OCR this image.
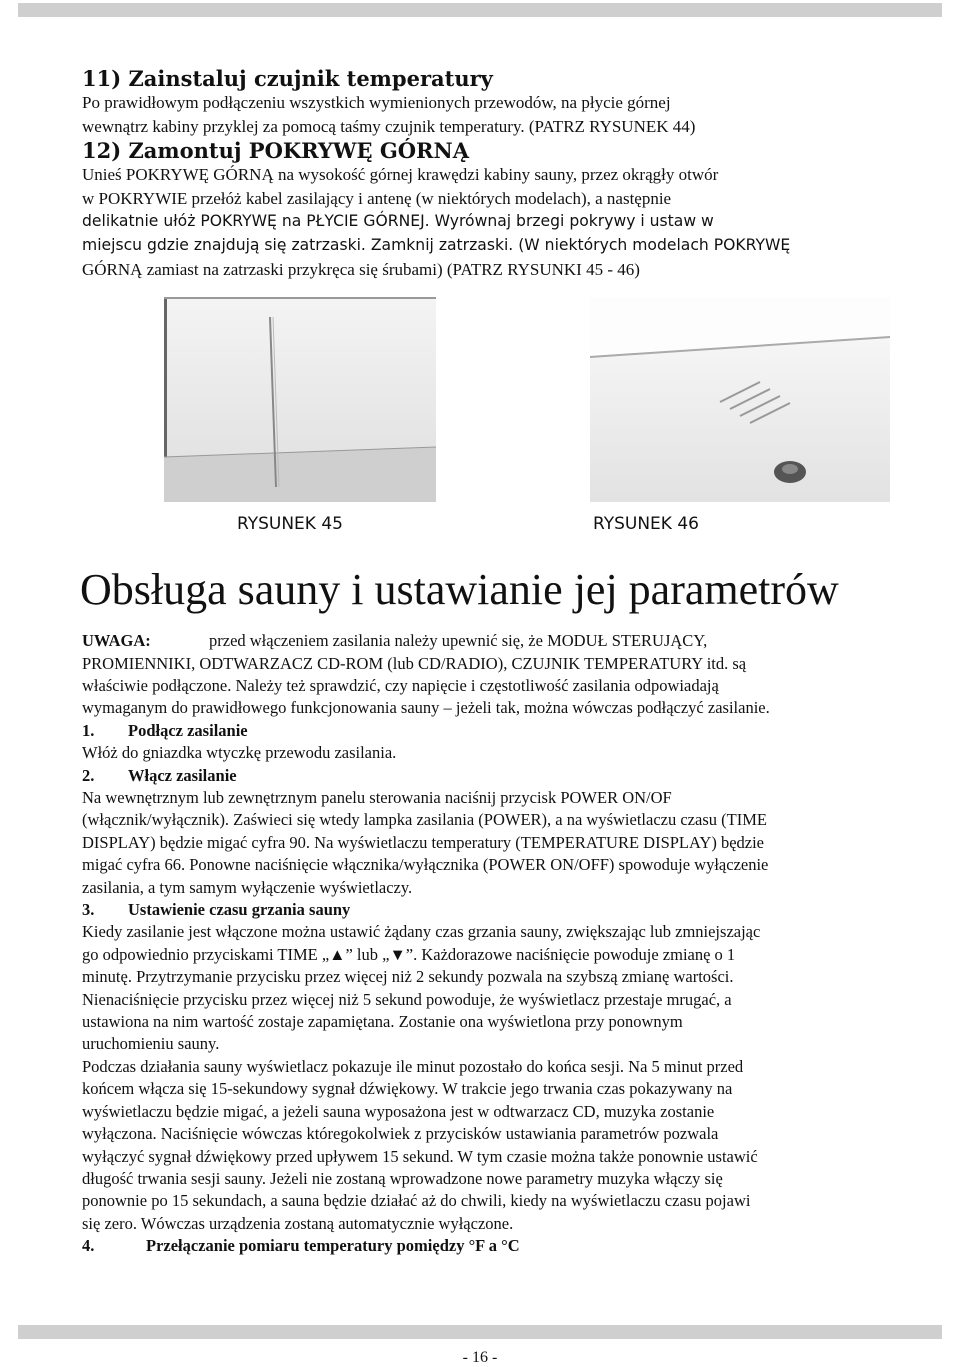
11) Zainstaluj czujnik temperatury

Po prawidłowym podłączeniu wszystkich wymienionych przewodów, na płycie górnej

wewnątrz kabiny przyklej za pomocą taśmy czujnik temperatury. (PATRZ RYSUNEK 44)

12) Zamontuj POKRYWĘ GÓRNĄ

Unieś POKRYWĘ GÓRNĄ na wysokość górnej krawędzi kabiny sauny, przez okrągły otwór

w POKRYWIE przełóż kabel zasilający i antenę (w niektórych modelach), a następnie

delikatnie ułóż POKRYWĘ na PŁYCIE GÓRNEJ. Wyrównaj brzegi pokrywy i ustaw w

miejscu gdzie znajdują się zatrzaski. Zamknij zatrzaski. (W niektórych modelach POKRYWĘ

GÓRNĄ zamiast na zatrzaski przykręca się śrubami) (PATRZ RYSUNKI 45 - 46)

RYSUNEK 45	RYSUNEK 46
Obsługa sauny i ustawianie jej parametrów

UWAGA:	przed włączeniem zasilania należy upewnić się, że MODUŁ STERUJĄCY,

PROMIENNIKI, ODTWARZACZ CD-ROM (lub CD/RADIO), CZUJNIK TEMPERATURY itd. są

właściwie podłączone. Należy też sprawdzić, czy napięcie i częstotliwość zasilania odpowiadają

wymaganym do prawidłowego funkcjonowania sauny – jeżeli tak, można wówczas podłączyć zasilanie.

1. Podłącz zasilanie

Włóż do gniazdka wtyczkę przewodu zasilania.

2. Włącz zasilanie

Na wewnętrznym lub zewnętrznym panelu sterowania naciśnij przycisk POWER ON/OF

(włącznik/wyłącznik). Zaświeci się wtedy lampka zasilania (POWER), a na wyświetlaczu czasu (TIME

DISPLAY) będzie migać cyfra 90. Na wyświetlaczu temperatury (TEMPERATURE DISPLAY) będzie

migać cyfra 66. Ponowne naciśnięcie włącznika/wyłącznika (POWER ON/OFF) spowoduje wyłączenie

zasilania, a tym samym wyłączenie wyświetlaczy.

3. Ustawienie czasu grzania sauny

Kiedy zasilanie jest włączone można ustawić żądany czas grzania sauny, zwiększając lub zmniejszając

go odpowiednio przyciskami TIME „▲” lub „▼”. Każdorazowe naciśnięcie powoduje zmianę o 1

minutę. Przytrzymanie przycisku przez więcej niż 2 sekundy pozwala na szybszą zmianę wartości.

Nienaciśnięcie przycisku przez więcej niż 5 sekund powoduje, że wyświetlacz przestaje mrugać, a

ustawiona na nim wartość zostaje zapamiętana. Zostanie ona wyświetlona przy ponownym

uruchomieniu sauny.

Podczas działania sauny wyświetlacz pokazuje ile minut pozostało do końca sesji. Na 5 minut przed

końcem włącza się 15-sekundowy sygnał dźwiękowy. W trakcie jego trwania czas pokazywany na

wyświetlaczu będzie migać, a jeżeli sauna wyposażona jest w odtwarzacz CD, muzyka zostanie

wyłączona. Naciśnięcie wówczas któregokolwiek z przycisków ustawiania parametrów pozwala

wyłączyć sygnał dźwiękowy przed upływem 15 sekund. W tym czasie można także ponownie ustawić

długość trwania sesji sauny. Jeżeli nie zostaną wprowadzone nowe parametry muzyka włączy się

ponownie po 15 sekundach, a sauna będzie działać aż do chwili, kiedy na wyświetlaczu czasu pojawi

się zero. Wówczas urządzenia zostaną automatycznie wyłączone.

4.	Przełączanie pomiaru temperatury pomiędzy °F a °C

- 16 -
